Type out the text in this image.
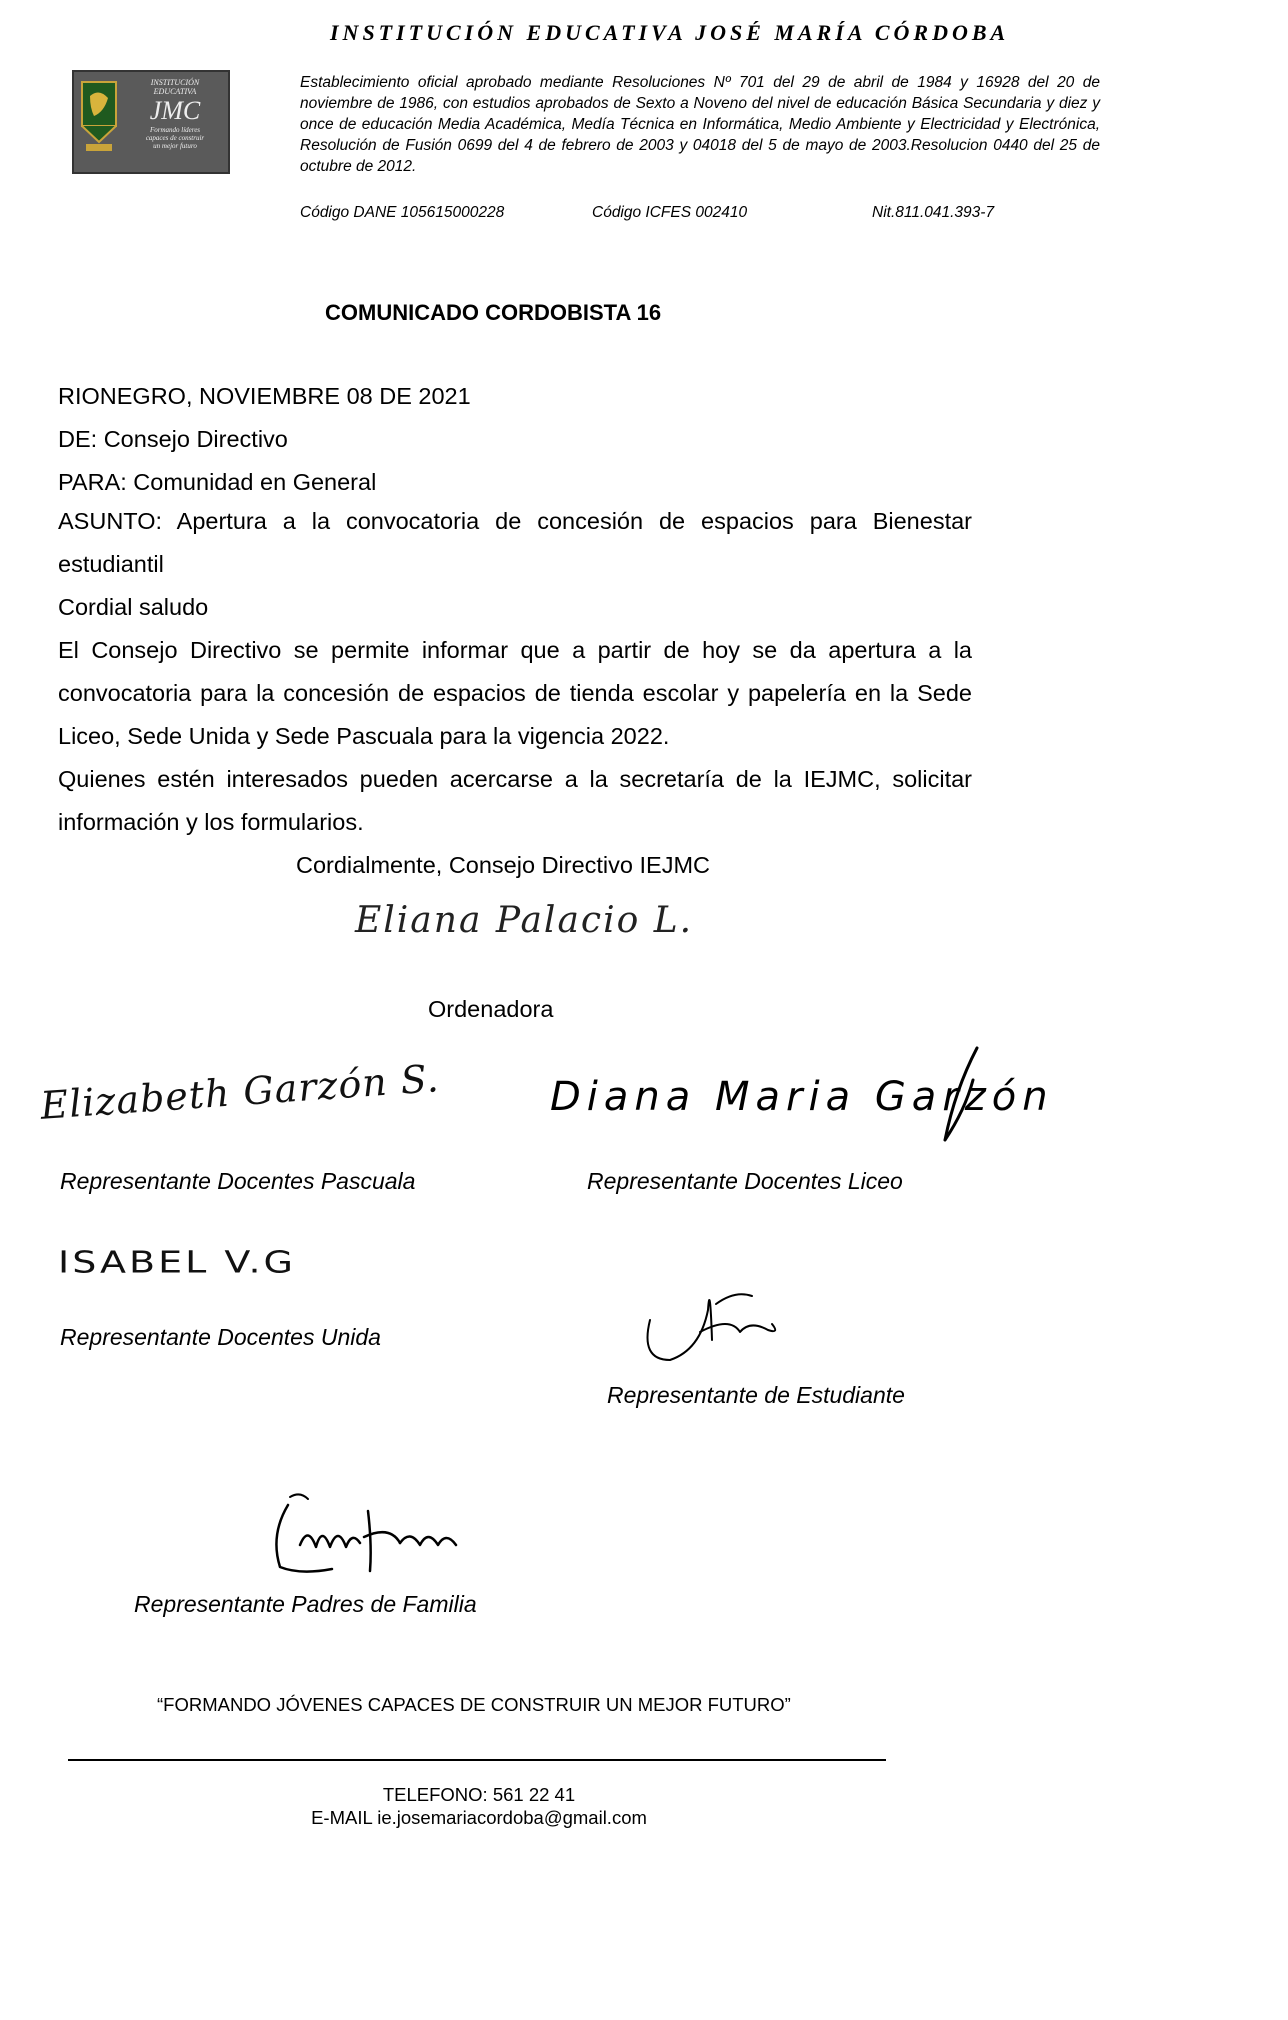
INSTITUCIÓN EDUCATIVA JOSÉ MARÍA CÓRDOBA
INSTITUCIÓN
EDUCATIVA
JMC
Formando líderes
capaces de construir
un mejor futuro
Establecimiento oficial aprobado mediante Resoluciones Nº 701 del 29 de abril de 1984 y 16928 del 20 de noviembre de 1986, con estudios aprobados de Sexto a Noveno del nivel de educación Básica Secundaria y diez y once de educación Media Académica, Medía Técnica en Informática, Medio Ambiente y Electricidad y Electrónica, Resolución de Fusión 0699 del 4 de febrero de 2003 y 04018 del 5 de mayo de 2003.Resolucion 0440 del 25 de octubre de 2012.
Código DANE 105615000228	Código ICFES 002410	Nit.811.041.393-7
COMUNICADO CORDOBISTA 16
RIONEGRO, NOVIEMBRE 08 DE 2021
DE: Consejo Directivo
PARA: Comunidad en General
ASUNTO: Apertura a la convocatoria de concesión de espacios para Bienestar estudiantil
Cordial saludo
El Consejo Directivo se permite informar que a partir de hoy se da apertura a la convocatoria para la concesión de espacios de tienda escolar y papelería en la Sede Liceo, Sede Unida y Sede Pascuala para la vigencia 2022.
Quienes estén interesados pueden acercarse a la secretaría de la IEJMC, solicitar información y los formularios.
Cordialmente, Consejo Directivo IEJMC
Eliana Palacio L.
Ordenadora
Elizabeth Garzón S.
Representante Docentes Pascuala
Diana Maria Garzón
Representante Docentes Liceo
ISABEL V.G
Representante Docentes Unida
Representante de Estudiante
Representante Padres de Familia
“FORMANDO JÓVENES CAPACES DE CONSTRUIR UN MEJOR FUTURO”
TELEFONO: 561 22 41
E-MAIL ie.josemariacordoba@gmail.com
